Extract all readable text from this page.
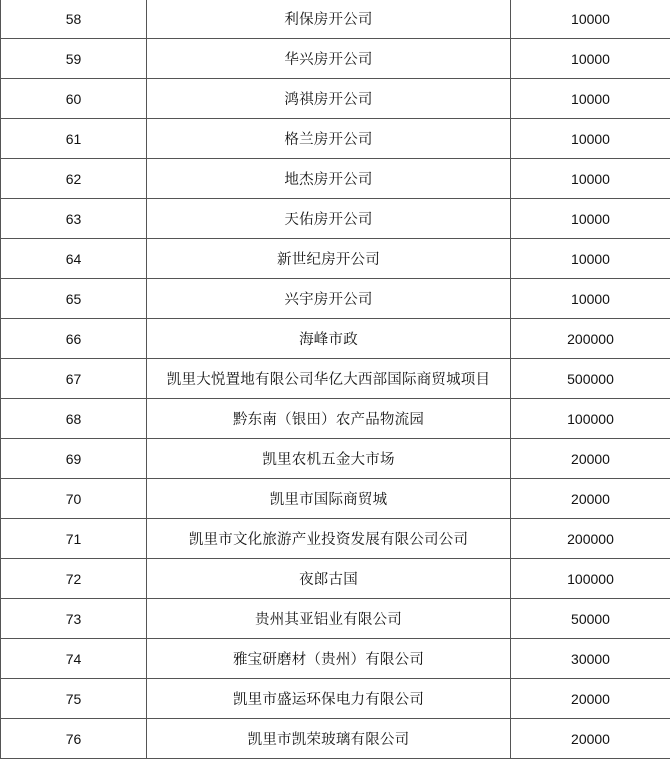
58	利保房开公司	10000
59	华兴房开公司	10000
60	鸿祺房开公司	10000
61	格兰房开公司	10000
62	地杰房开公司	10000
63	天佑房开公司	10000
64	新世纪房开公司	10000
65	兴宇房开公司	10000
66	海峰市政	200000
67	凯里大悦置地有限公司华亿大西部国际商贸城项目	500000
68	黔东南（银田）农产品物流园	100000
69	凯里农机五金大市场	20000
70	凯里市国际商贸城	20000
71	凯里市文化旅游产业投资发展有限公司公司	200000
72	夜郎古国	100000
73	贵州其亚铝业有限公司	50000
74	雅宝研磨材（贵州）有限公司	30000
75	凯里市盛运环保电力有限公司	20000
76	凯里市凯荣玻璃有限公司	20000
